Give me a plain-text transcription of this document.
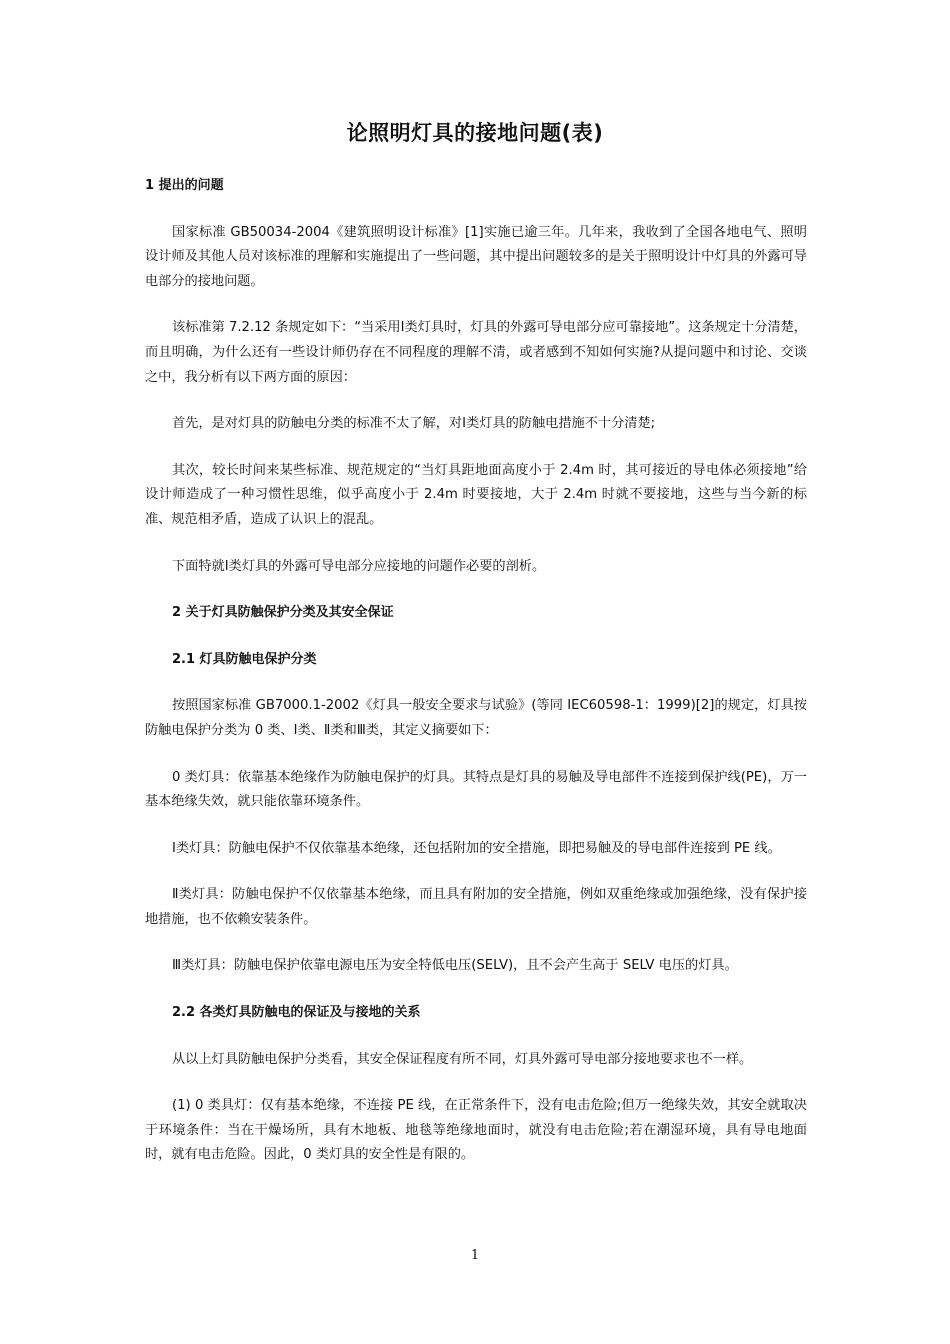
论照明灯具的接地问题(表)
1 提出的问题

国家标准 GB50034-2004《建筑照明设计标准》[1]实施已逾三年。几年来，我收到了全国各地电气、照明设计师及其他人员对该标准的理解和实施提出了一些问题，其中提出问题较多的是关于照明设计中灯具的外露可导电部分的接地问题。

该标准第 7.2.12 条规定如下：“当采用Ⅰ类灯具时，灯具的外露可导电部分应可靠接地”。这条规定十分清楚，而且明确，为什么还有一些设计师仍存在不同程度的理解不清，或者感到不知如何实施?从提问题中和讨论、交谈之中，我分析有以下两方面的原因：

首先，是对灯具的防触电分类的标准不太了解，对Ⅰ类灯具的防触电措施不十分清楚;

其次，较长时间来某些标准、规范规定的“当灯具距地面高度小于 2.4m 时，其可接近的导电体必须接地”给设计师造成了一种习惯性思维，似乎高度小于 2.4m 时要接地，大于 2.4m 时就不要接地，这些与当今新的标准、规范相矛盾，造成了认识上的混乱。

下面特就Ⅰ类灯具的外露可导电部分应接地的问题作必要的剖析。

2 关于灯具防触保护分类及其安全保证
2.1 灯具防触电保护分类

按照国家标准 GB7000.1-2002《灯具一般安全要求与试验》(等同 IEC60598-1：1999)[2]的规定，灯具按防触电保护分类为 0 类、Ⅰ类、Ⅱ类和Ⅲ类，其定义摘要如下：

0 类灯具：依靠基本绝缘作为防触电保护的灯具。其特点是灯具的易触及导电部件不连接到保护线(PE)，万一基本绝缘失效，就只能依靠环境条件。

Ⅰ类灯具：防触电保护不仅依靠基本绝缘，还包括附加的安全措施，即把易触及的导电部件连接到 PE 线。

Ⅱ类灯具：防触电保护不仅依靠基本绝缘，而且具有附加的安全措施，例如双重绝缘或加强绝缘，没有保护接地措施，也不依赖安装条件。

Ⅲ类灯具：防触电保护依靠电源电压为安全特低电压(SELV)，且不会产生高于 SELV 电压的灯具。

2.2 各类灯具防触电的保证及与接地的关系

从以上灯具防触电保护分类看，其安全保证程度有所不同，灯具外露可导电部分接地要求也不一样。

(1) 0 类具灯：仅有基本绝缘，不连接 PE 线，在正常条件下，没有电击危险;但万一绝缘失效，其安全就取决于环境条件：当在干燥场所，具有木地板、地毯等绝缘地面时，就没有电击危险;若在潮湿环境，具有导电地面时，就有电击危险。因此，0 类灯具的安全性是有限的。

1
